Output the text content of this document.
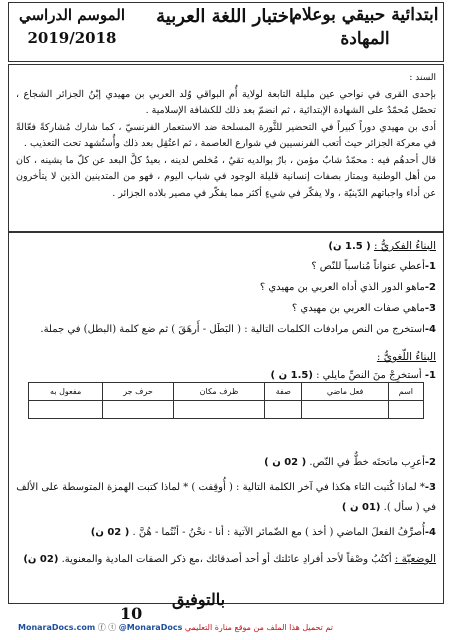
ابتدائية حبيقي بوعلام
المهادة
اختبار اللغة العربية
الموسم الدراسي
2019/2018
السند :
بإحدى القرى في نواحي عين مليلة التابعة لولاية أُم البواقي وُلد العربي بن مهيدي إبْنُ الجزائر الشجاع ، تحصّل مُحمّدٌ على الشهادة الإبتدائية ، ثم انضمّ بعد ذلك للكشافة الإسلامية .
أدى بن مهيدي دوراً كبيراً في التحضير للثَّورة المسلحة ضد الاستعمار الفرنسيّ ، كما شارك مُشاركةً فعّالةً في معركة الجزائر حيث أتعب الفرنسيين في شوارع العاصمة ، ثم اعتُقِل بعد ذلك وأُستُشهد تحت التعذيب .
قال أحدهُم فيه : محمّدٌ شابٌ مؤمن ، بارٌ بوالديه تقيٌ ، مُخلص لدينه ، بعيدٌ كلَّ البعد عن كلّ ما يشينه ، كان من أهل الوطنية ويمتاز بصفات إنسانية قليلة الوجود في شباب اليوم ، فهو من المتدينين الذين لا يتأخرون عن أداء واجباتهم الدّينيّة ، ولا يفكّر في شيءٍ أكثر مما يفكّر في مصير بلاده الجزائر .
البناءُ الفكريُّ : ( 1.5 ن)
1-أعطي عنواناً مُناسباً للنّص ؟
2-ماهو الدور الذي أداه العربي بن مهيدي ؟
3-ماهي صفات العربي بن مهيدي ؟
4-استخرج من النص مرادفات الكلمات التالية : ( البَطَل - أَرهَقَ ) ثم ضع كلمة (البطل) في جملة.
البناءُ اللّغويُّ :
1- أستخرِجْ منَ النصِّ مايلي : (1.5 ن )
اسم	فعل ماضي	صفة	ظرف مكان	حرف جر	مفعول به

2-أعرِب ماتحتَه خطٌّ في النّص. ( 02 ن )
3-* لماذا كُتبت التاء هكذا في آخر الكلمة التالية : ( أُوقِفت ) * لماذا كتبت الهمزة المتوسطة على الألف في ( سأل ). (01 ن )
4-أُصرِّفُ الفعلَ الماضي ( أخذ ) مع الضّمائر الآتية : أنا - نحْنُ - أنْتُما - هُنَّ . ( 02 ن)
الوضعيّة : أكتُبُ وصْفاً لأحد أفرادِ عائلتك أو أحد أصدقائك ،مع ذكر الصفات المادية والمعنوية. (02 ن)
بالتوفيق
10
MonaraDocs.com ⓕ ⓣ @MonaraDocs تم تحميل هذا الملف من موقع منارة التعليمي
